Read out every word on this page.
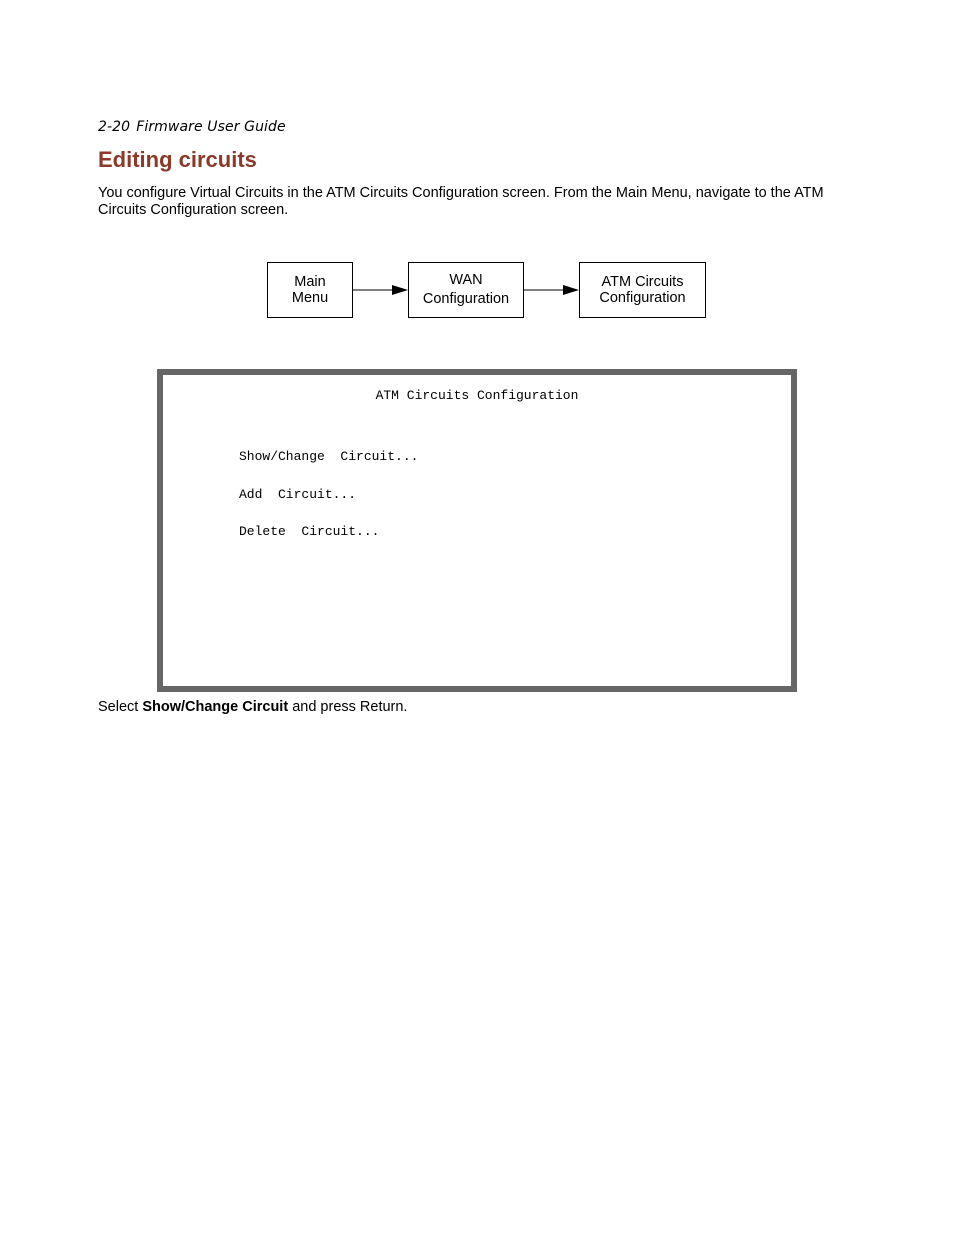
2-20 Firmware User Guide
Editing circuits

You configure Virtual Circuits in the ATM Circuits Configuration screen. From the Main Menu, navigate to the ATM Circuits Configuration screen.

Main
Menu
WAN
Configuration
ATM Circuits
Configuration
ATM Circuits Configuration

Show/Change  Circuit...

Add  Circuit...

Delete  Circuit...

Select Show/Change Circuit and press Return.
